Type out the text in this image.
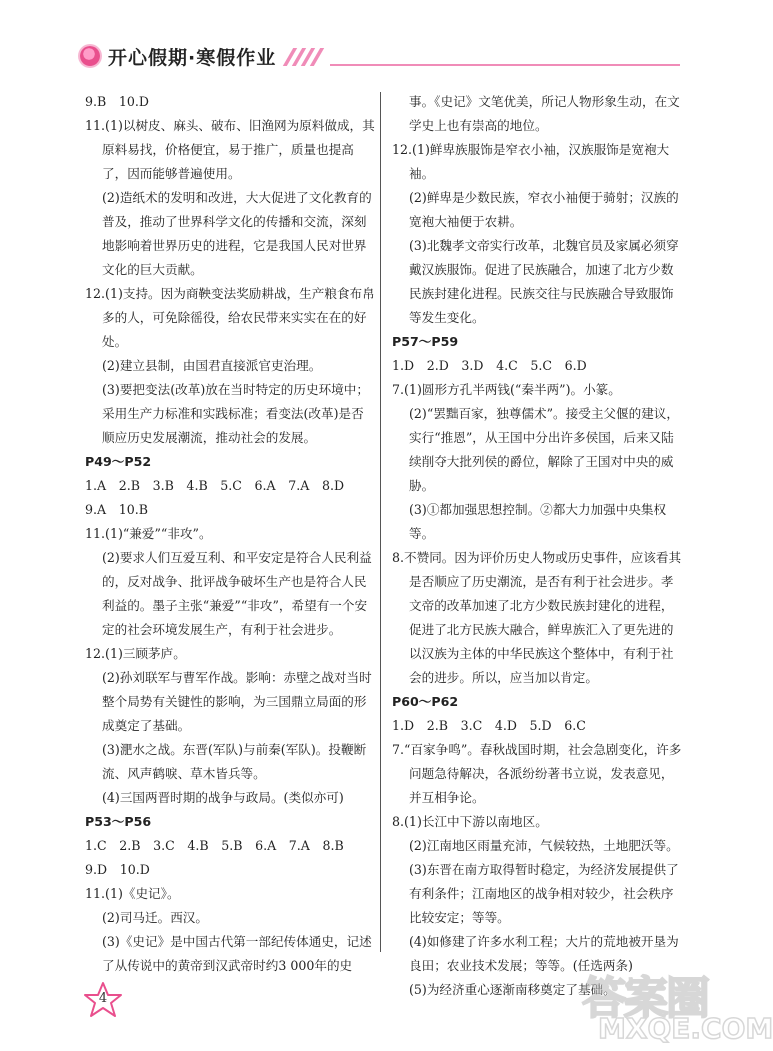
开心假期·寒假作业

9.B　10.D

11.(1)以树皮、麻头、破布、旧渔网为原料做成，其原料易找，价格便宜，易于推广，质量也提高了，因而能够普遍使用。

(2)造纸术的发明和改进，大大促进了文化教育的普及，推动了世界科学文化的传播和交流，深刻地影响着世界历史的进程，它是我国人民对世界文化的巨大贡献。

12.(1)支持。因为商鞅变法奖励耕战，生产粮食布帛多的人，可免除徭役，给农民带来实实在在的好处。

(2)建立县制，由国君直接派官吏治理。

(3)要把变法(改革)放在当时特定的历史环境中；采用生产力标准和实践标准；看变法(改革)是否顺应历史发展潮流，推动社会的发展。

P49～P52

1.A　2.B　3.B　4.B　5.C　6.A　7.A　8.D

9.A　10.B

11.(1)“兼爱”“非攻”。

(2)要求人们互爱互利、和平安定是符合人民利益的，反对战争、批评战争破坏生产也是符合人民利益的。墨子主张“兼爱”“非攻”，希望有一个安定的社会环境发展生产，有利于社会进步。

12.(1)三顾茅庐。

(2)孙刘联军与曹军作战。影响：赤壁之战对当时整个局势有关键性的影响，为三国鼎立局面的形成奠定了基础。

(3)淝水之战。东晋(军队)与前秦(军队)。投鞭断流、风声鹤唳、草木皆兵等。

(4)三国两晋时期的战争与政局。(类似亦可)

P53～P56

1.C　2.B　3.C　4.B　5.B　6.A　7.A　8.B

9.D　10.D

11.(1)《史记》。

(2)司马迁。西汉。

(3)《史记》是中国古代第一部纪传体通史，记述了从传说中的黄帝到汉武帝时约3 000年的史

事。《史记》文笔优美，所记人物形象生动，在文学史上也有崇高的地位。

12.(1)鲜卑族服饰是窄衣小袖，汉族服饰是宽袍大袖。

(2)鲜卑是少数民族，窄衣小袖便于骑射；汉族的宽袍大袖便于农耕。

(3)北魏孝文帝实行改革，北魏官员及家属必须穿戴汉族服饰。促进了民族融合，加速了北方少数民族封建化进程。民族交往与民族融合导致服饰等发生变化。

P57～P59

1.D　2.D　3.D　4.C　5.C　6.D

7.(1)圆形方孔半两钱(“秦半两”)。小篆。

(2)“罢黜百家，独尊儒术”。接受主父偃的建议，实行“推恩”，从王国中分出许多侯国，后来又陆续削夺大批列侯的爵位，解除了王国对中央的威胁。

(3)①都加强思想控制。②都大力加强中央集权等。

8.不赞同。因为评价历史人物或历史事件，应该看其是否顺应了历史潮流，是否有利于社会进步。孝文帝的改革加速了北方少数民族封建化的进程，促进了北方民族大融合，鲜卑族汇入了更先进的以汉族为主体的中华民族这个整体中，有利于社会的进步。所以，应当加以肯定。

P60～P62

1.D　2.B　3.C　4.D　5.D　6.C

7.“百家争鸣”。春秋战国时期，社会急剧变化，许多问题急待解决，各派纷纷著书立说，发表意见，并互相争论。

8.(1)长江中下游以南地区。

(2)江南地区雨量充沛，气候较热，土地肥沃等。

(3)东晋在南方取得暂时稳定，为经济发展提供了有利条件；江南地区的战争相对较少，社会秩序比较安定；等等。

(4)如修建了许多水利工程；大片的荒地被开垦为良田；农业技术发展；等等。(任选两条)

(5)为经济重心逐渐南移奠定了基础。

4	答案圈
MXQE.COM
